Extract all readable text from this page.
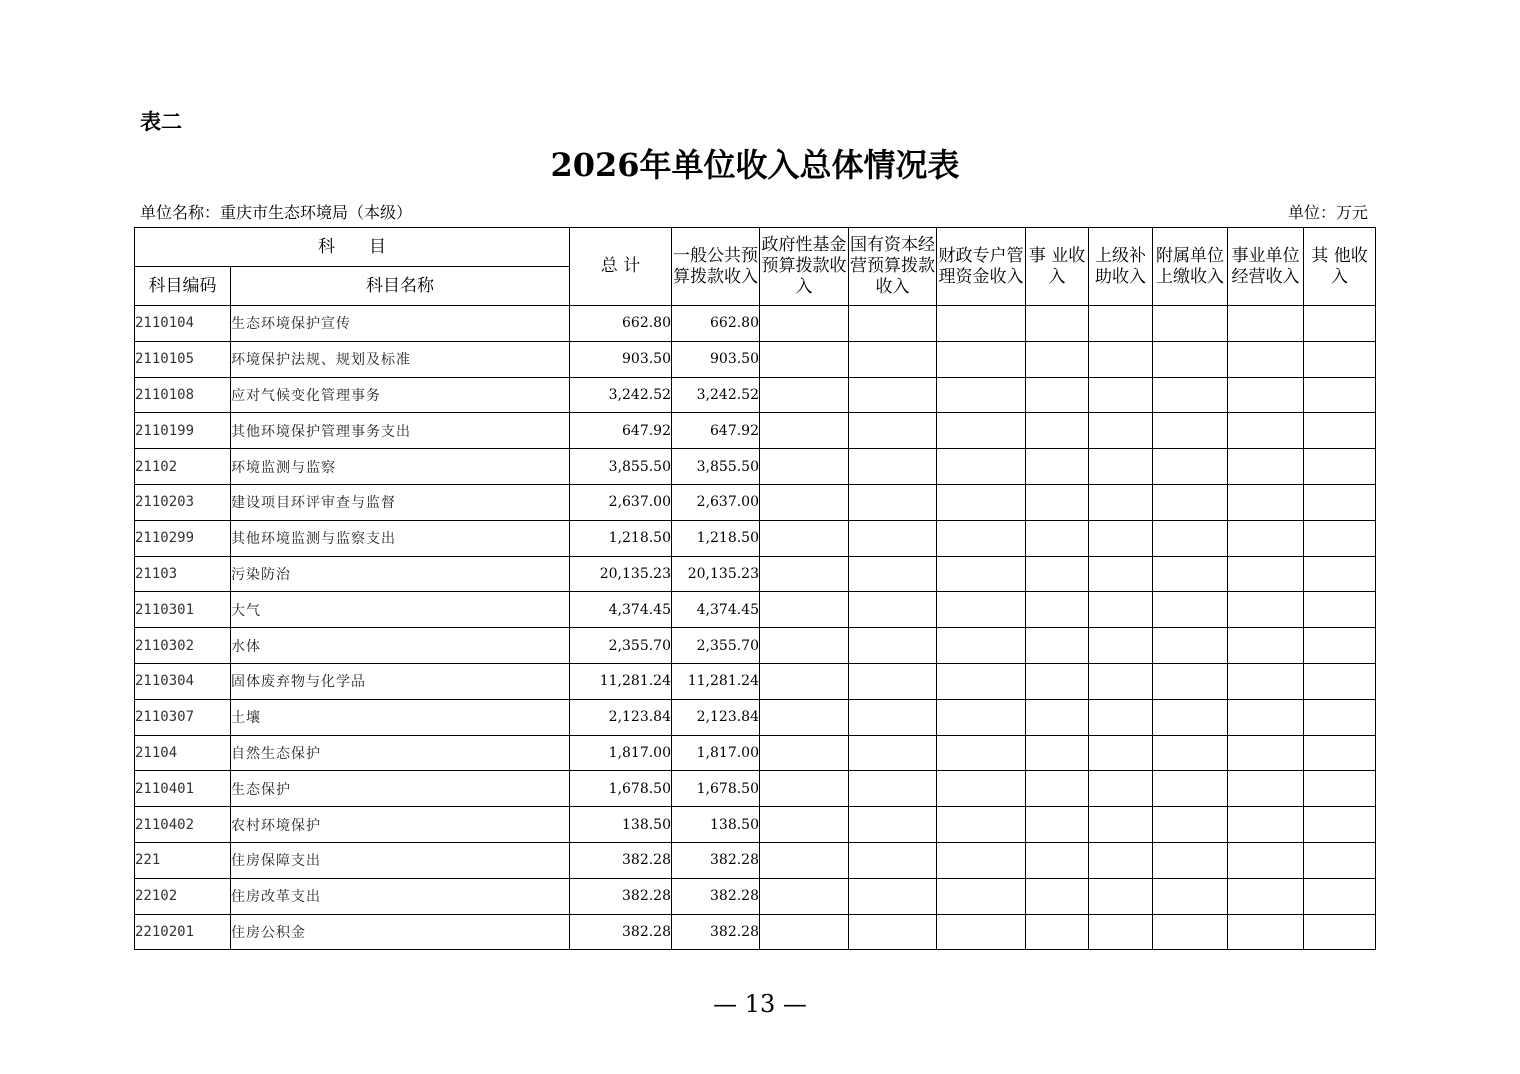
表二
2026年单位收入总体情况表
单位名称：重庆市生态环境局（本级）	单位：万元
科　　目		总 计	一般公共预算拨款收入	政府性基金预算拨款收入	国有资本经营预算拨款收入	财政专户管理资金收入	事 业收 入	上级补助收入	附属单位上缴收入	事业单位经营收入	其 他收 入
科目编码	科目名称										
2110104	生态环境保护宣传	662.80	662.80								
2110105	环境保护法规、规划及标准	903.50	903.50								
2110108	应对气候变化管理事务	3,242.52	3,242.52								
2110199	其他环境保护管理事务支出	647.92	647.92								
21102	环境监测与监察	3,855.50	3,855.50								
2110203	建设项目环评审查与监督	2,637.00	2,637.00								
2110299	其他环境监测与监察支出	1,218.50	1,218.50								
21103	污染防治	20,135.23	20,135.23								
2110301	大气	4,374.45	4,374.45								
2110302	水体	2,355.70	2,355.70								
2110304	固体废弃物与化学品	11,281.24	11,281.24								
2110307	土壤	2,123.84	2,123.84								
21104	自然生态保护	1,817.00	1,817.00								
2110401	生态保护	1,678.50	1,678.50								
2110402	农村环境保护	138.50	138.50								
221	住房保障支出	382.28	382.28								
22102	住房改革支出	382.28	382.28								
2210201	住房公积金	382.28	382.28								
— 13 —
